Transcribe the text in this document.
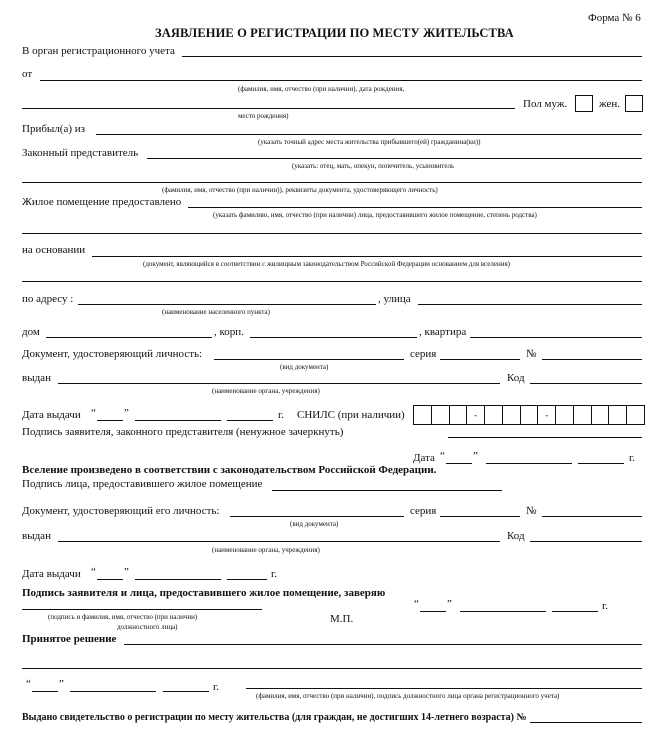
Форма № 6
ЗАЯВЛЕНИЕ О РЕГИСТРАЦИИ ПО МЕСТУ ЖИТЕЛЬСТВА
В орган регистрационного учета
от
(фамилия, имя, отчество (при наличии), дата рождения,
Пол муж.	жен.
место рождения)
Прибыл(а) из
(указать точный адрес места жительства прибывшего(ей) гражданина(ки))
Законный представитель
(указать: отец, мать, опекун, попечитель, усыновитель
(фамилия, имя, отчество (при наличии)), реквизиты документа, удостоверяющего личность)
Жилое помещение предоставлено
(указать фамилию, имя, отчество (при наличии) лица, предоставившего жилое помещение, степень родства)
на основании
(документ, являющийся в соответствии с жилищным законодательством Российской Федерации основанием для вселения)
по адресу :	, улица
(наименование населенного пункта)
дом	, корп.	, квартира
Документ, удостоверяющий личность:	серия	№
(вид документа)
выдан	Код
(наименование органа, учреждения)
Дата выдачи “	”	г. СНИЛС (при наличии)	-	-
Подпись заявителя, законного представителя (ненужное зачеркнуть)
Дата “	”	г.
Вселение произведено в соответствии с законодательством Российской Федерации.
Подпись лица, предоставившего жилое помещение
Документ, удостоверяющий его личность:	серия	№
(вид документа)
выдан	Код
(наименование органа, учреждения)
Дата выдачи “	”	г.
Подпись заявителя и лица, предоставившего жилое помещение, заверяю
(подпись и фамилия, имя, отчество (при наличии)
должностного лица)
М.П.
“	”	г.
Принятое решение
“	”	г.
(фамилия, имя, отчество (при наличии), подпись должностного лица органа регистрационного учета)
Выдано свидетельство о регистрации по месту жительства (для граждан, не достигших 14-летнего возраста) №
